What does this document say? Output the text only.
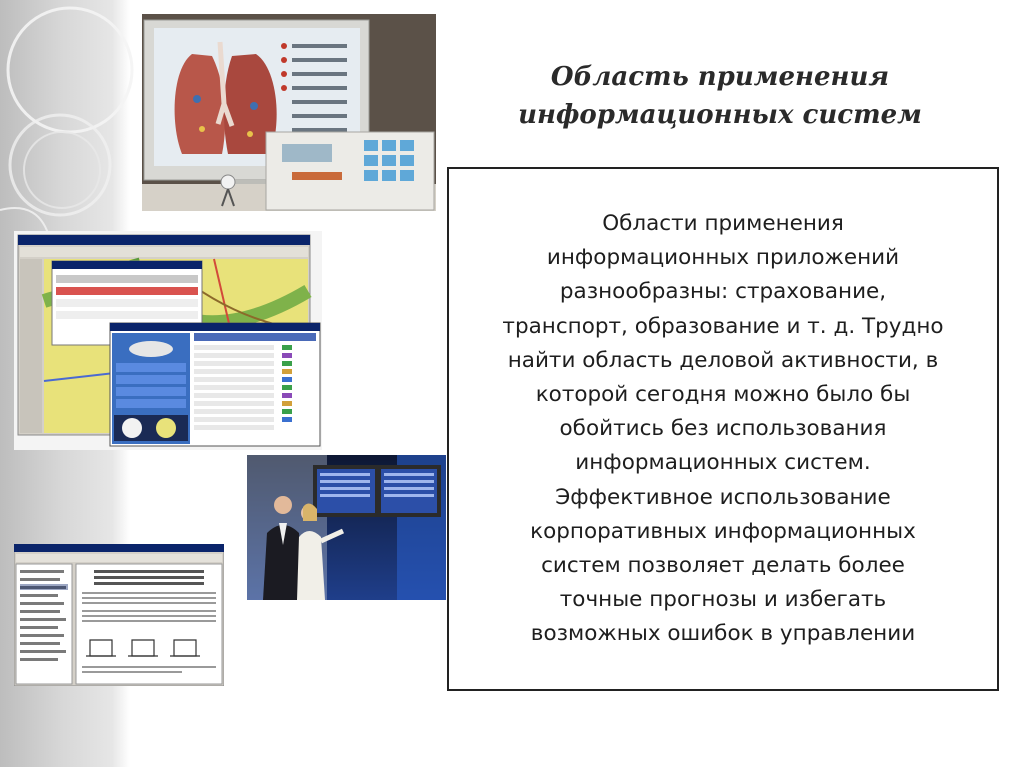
Область применения
информационных систем

Области применения
информационных приложений
разнообразны: страхование,
транспорт, образование и т. д. Трудно
найти область деловой активности, в
которой сегодня можно было бы
обойтись без использования
информационных систем.
Эффективное использование
корпоративных информационных
систем позволяет делать более
точные прогнозы и избегать
возможных ошибок в управлении
